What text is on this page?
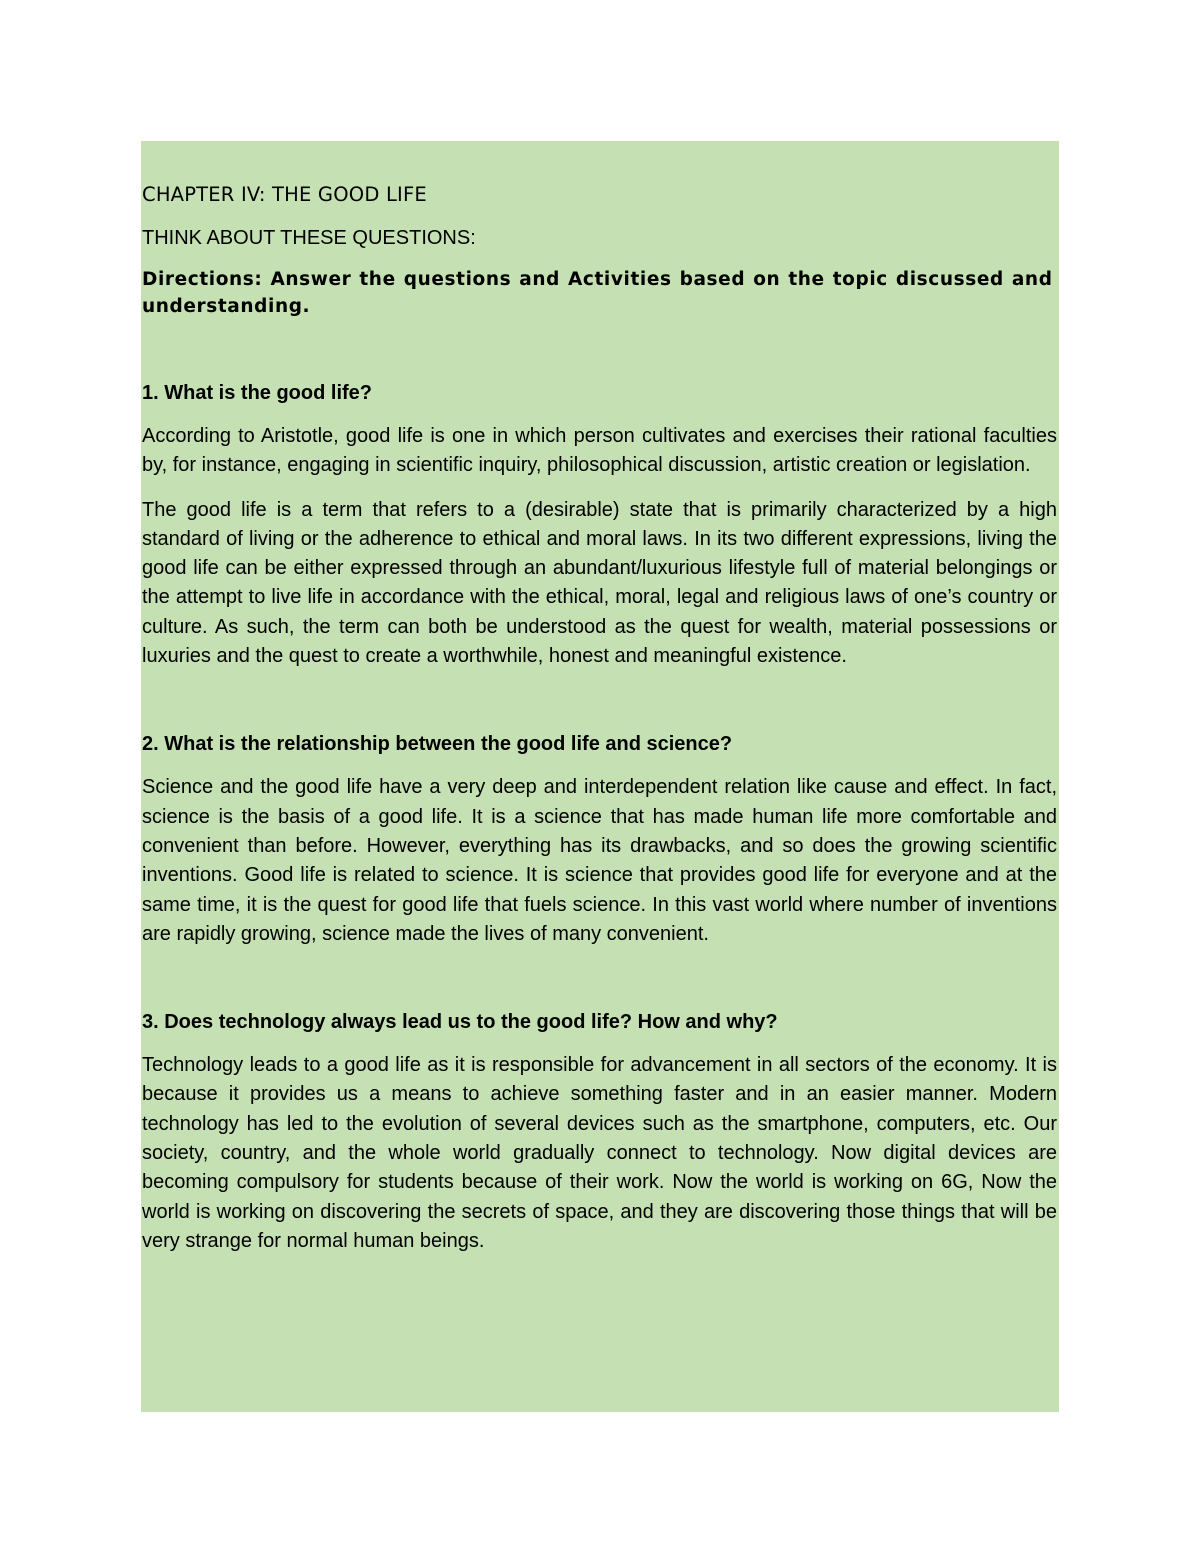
CHAPTER IV: THE GOOD LIFE
THINK ABOUT THESE QUESTIONS:
Directions: Answer the questions and Activities based on the topic discussed and understanding.
1. What is the good life?

According to Aristotle, good life is one in which person cultivates and exercises their rational faculties by, for instance, engaging in scientific inquiry, philosophical discussion, artistic creation or legislation.

The good life is a term that refers to a (desirable) state that is primarily characterized by a high standard of living or the adherence to ethical and moral laws. In its two different expressions, living the good life can be either expressed through an abundant/luxurious lifestyle full of material belongings or the attempt to live life in accordance with the ethical, moral, legal and religious laws of one’s country or culture. As such, the term can both be understood as the quest for wealth, material possessions or luxuries and the quest to create a worthwhile, honest and meaningful existence.

2. What is the relationship between the good life and science?

Science and the good life have a very deep and interdependent relation like cause and effect. In fact, science is the basis of a good life. It is a science that has made human life more comfortable and convenient than before. However, everything has its drawbacks, and so does the growing scientific inventions. Good life is related to science. It is science that provides good life for everyone and at the same time, it is the quest for good life that fuels science. In this vast world where number of inventions are rapidly growing, science made the lives of many convenient.

3. Does technology always lead us to the good life? How and why?

Technology leads to a good life as it is responsible for advancement in all sectors of the economy. It is because it provides us a means to achieve something faster and in an easier manner. Modern technology has led to the evolution of several devices such as the smartphone, computers, etc. Our society, country, and the whole world gradually connect to technology. Now digital devices are becoming compulsory for students because of their work. Now the world is working on 6G, Now the world is working on discovering the secrets of space, and they are discovering those things that will be very strange for normal human beings.
